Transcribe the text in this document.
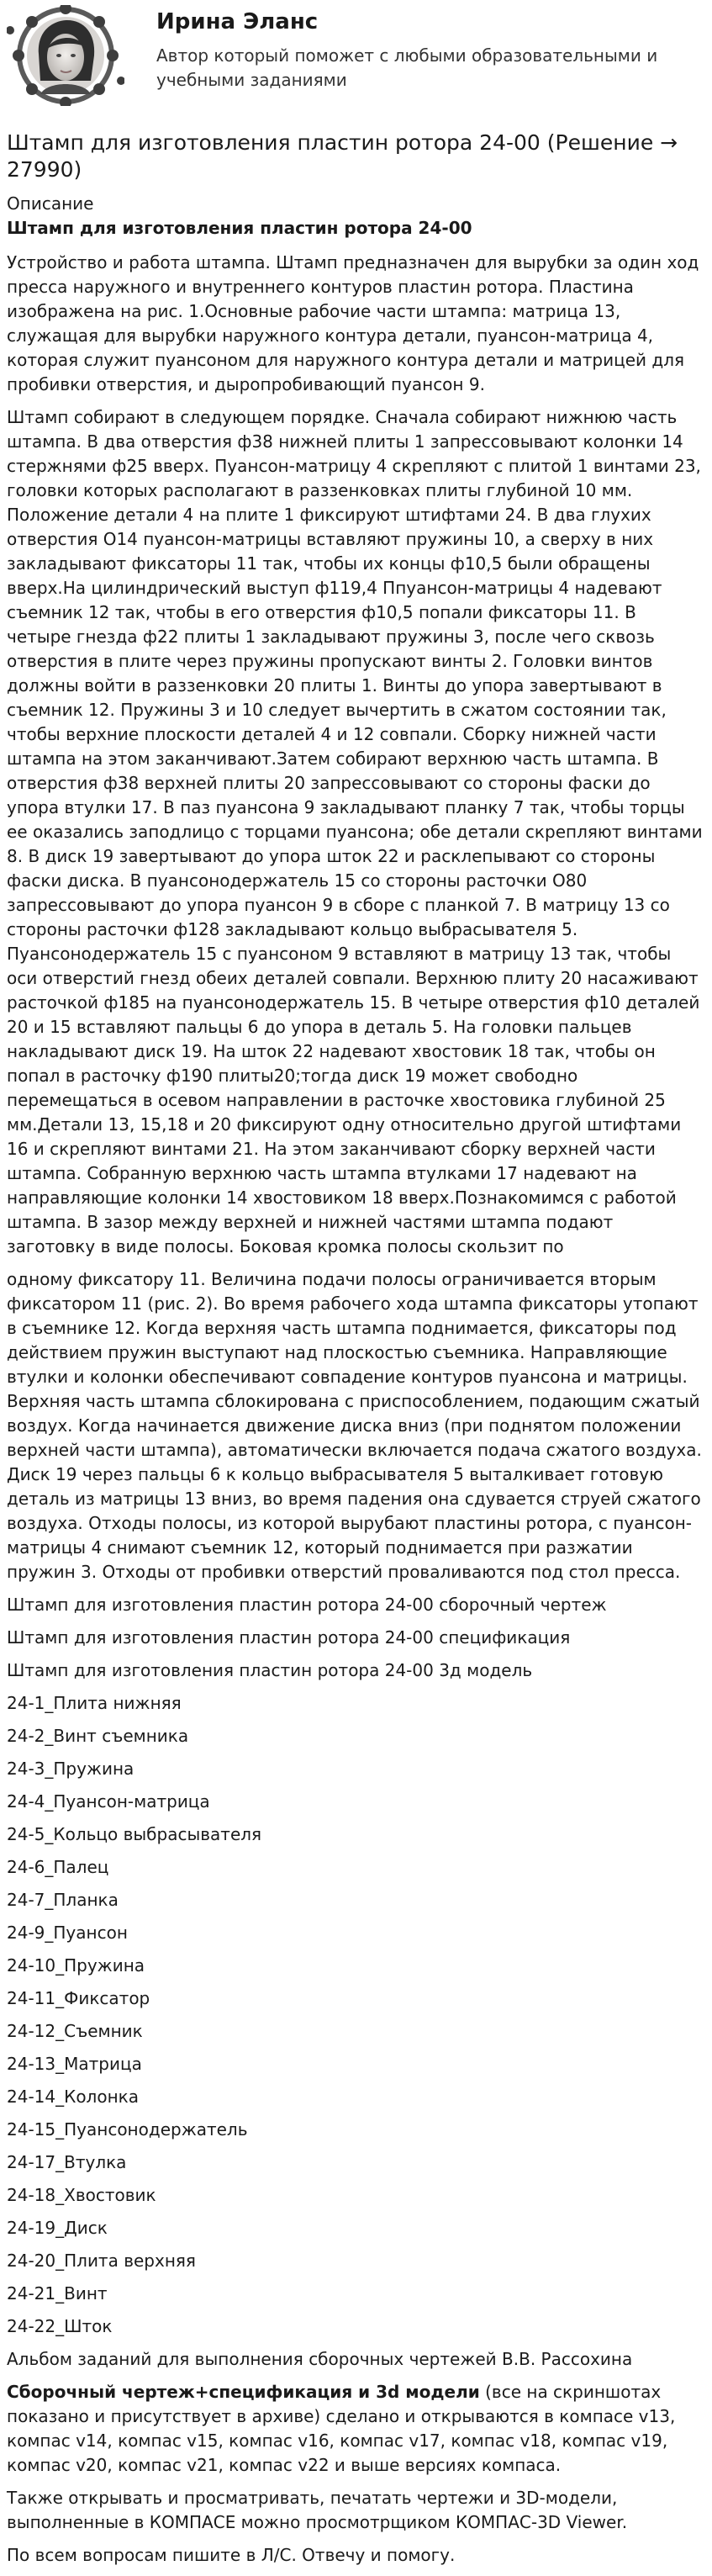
Ирина Эланс
Автор который поможет с любыми образовательными и учебными заданиями
Штамп для изготовления пластин ротора 24-00 (Решение → 27990)
Описание
Штамп для изготовления пластин ротора 24-00

Устройство и работа штампа. Штамп предназначен для вырубки за один ход пресса наружного и внутреннего контуров пластин ротора. Пластина изображена на рис. 1.Основные рабочие части штампа: матрица 13, служащая для вырубки наружного контура детали, пуансон-матрица 4, которая служит пуансоном для наружного контура детали и матрицей для пробивки отверстия, и дыропробивающий пуансон 9.

Штамп собирают в следующем порядке. Сначала собирают нижнюю часть штампа. В два отверстия ф38 нижней плиты 1 запрессовывают колонки 14 стержнями ф25 вверх. Пуансон-матрицу 4 скрепляют с плитой 1 винтами 23, головки которых располагают в раззенковках плиты глубиной 10 мм. Положение детали 4 на плите 1 фиксируют штифтами 24. В два глухих отверстия О14 пуансон-матрицы вставляют пружины 10, а сверху в них закладывают фиксаторы 11 так, чтобы их концы ф10,5 были обращены вверх.На цилиндрический выступ ф119,4 Ппуансон-матрицы 4 надевают съемник 12 так, чтобы в его отверстия ф10,5 попали фиксаторы 11. В четыре гнезда ф22 плиты 1 закладывают пружины 3, после чего сквозь отверстия в плите через пружины пропускают винты 2. Головки винтов должны войти в раззенковки 20 плиты 1. Винты до упора завертывают в съемник 12. Пружины 3 и 10 следует вычертить в сжатом состоянии так, чтобы верхние плоскости деталей 4 и 12 совпали. Сборку нижней части штампа на этом заканчивают.Затем собирают верхнюю часть штампа. В отверстия ф38 верхней плиты 20 запрессовывают со стороны фаски до упора втулки 17. В паз пуансона 9 закладывают планку 7 так, чтобы торцы ее оказались заподлицо с торцами пуансона; обе детали скрепляют винтами 8. В диск 19 завертывают до упора шток 22 и расклепывают со стороны фаски диска. В пуансонодержатель 15 со стороны расточки О80 запрессовывают до упора пуансон 9 в сборе с планкой 7. В матрицу 13 со стороны расточки ф128 закладывают кольцо выбрасывателя 5. Пуансонодержатель 15 с пуансоном 9 вставляют в матрицу 13 так, чтобы оси отверстий гнезд обеих деталей совпали. Верхнюю плиту 20 насаживают расточкой ф185 на пуансонодержатель 15. В четыре отверстия ф10 деталей 20 и 15 вставляют пальцы 6 до упора в деталь 5. На головки пальцев накладывают диск 19. На шток 22 надевают хвостовик 18 так, чтобы он попал в расточку ф190 плиты20;тогда диск 19 может свободно перемещаться в осевом направлении в расточке хвостовика глубиной 25 мм.Детали 13, 15,18 и 20 фиксируют одну относительно другой штифтами 16 и скрепляют винтами 21. На этом заканчивают сборку верхней части штампа. Собранную верхнюю часть штампа втулками 17 надевают на направляющие колонки 14 хвостовиком 18 вверх.Познакомимся с работой штампа. В зазор между верхней и нижней частями штампа подают заготовку в виде полосы. Боковая кромка полосы скользит по

одному фиксатору 11. Величина подачи полосы ограничивается вторым фиксатором 11 (рис. 2). Во время рабочего хода штампа фиксаторы утопают в съемнике 12. Когда верхняя часть штампа поднимается, фиксаторы под действием пружин выступают над плоскостью съемника. Направляющие втулки и колонки обеспечивают совпадение контуров пуансона и матрицы. Верхняя часть штампа сблокирована с приспособлением, подающим сжатый воздух. Когда начинается движение диска вниз (при поднятом положении верхней части штампа), автоматически включается подача сжатого воздуха. Диск 19 через пальцы 6 к кольцо выбрасывателя 5 выталкивает готовую деталь из матрицы 13 вниз, во время падения она сдувается струей сжатого воздуха. Отходы полосы, из которой вырубают пластины ротора, с пуансон-матрицы 4 снимают съемник 12, который поднимается при разжатии пружин 3. Отходы от пробивки отверстий проваливаются под стол пресса.

Штамп для изготовления пластин ротора 24-00 сборочный чертеж
Штамп для изготовления пластин ротора 24-00 спецификация
Штамп для изготовления пластин ротора 24-00 3д модель
24-1_Плита нижняя
24-2_Винт съемника
24-3_Пружина
24-4_Пуансон-матрица
24-5_Кольцо выбрасывателя
24-6_Палец
24-7_Планка
24-9_Пуансон
24-10_Пружина
24-11_Фиксатор
24-12_Съемник
24-13_Матрица
24-14_Колонка
24-15_Пуансонодержатель
24-17_Втулка
24-18_Хвостовик
24-19_Диск
24-20_Плита верхняя
24-21_Винт
24-22_Шток
Альбом заданий для выполнения сборочных чертежей В.В. Рассохина

Сборочный чертеж+спецификация и 3d модели (все на скриншотах показано и присутствует в архиве) сделано и открываются в компасе v13, компас v14, компас v15, компас v16, компас v17, компас v18, компас v19, компас v20, компас v21, компас v22 и выше версиях компаса.

Также открывать и просматривать, печатать чертежи и 3D-модели, выполненные в КОМПАСЕ можно просмотрщиком КОМПАС-3D Viewer.

По всем вопросам пишите в Л/С. Отвечу и помогу.
